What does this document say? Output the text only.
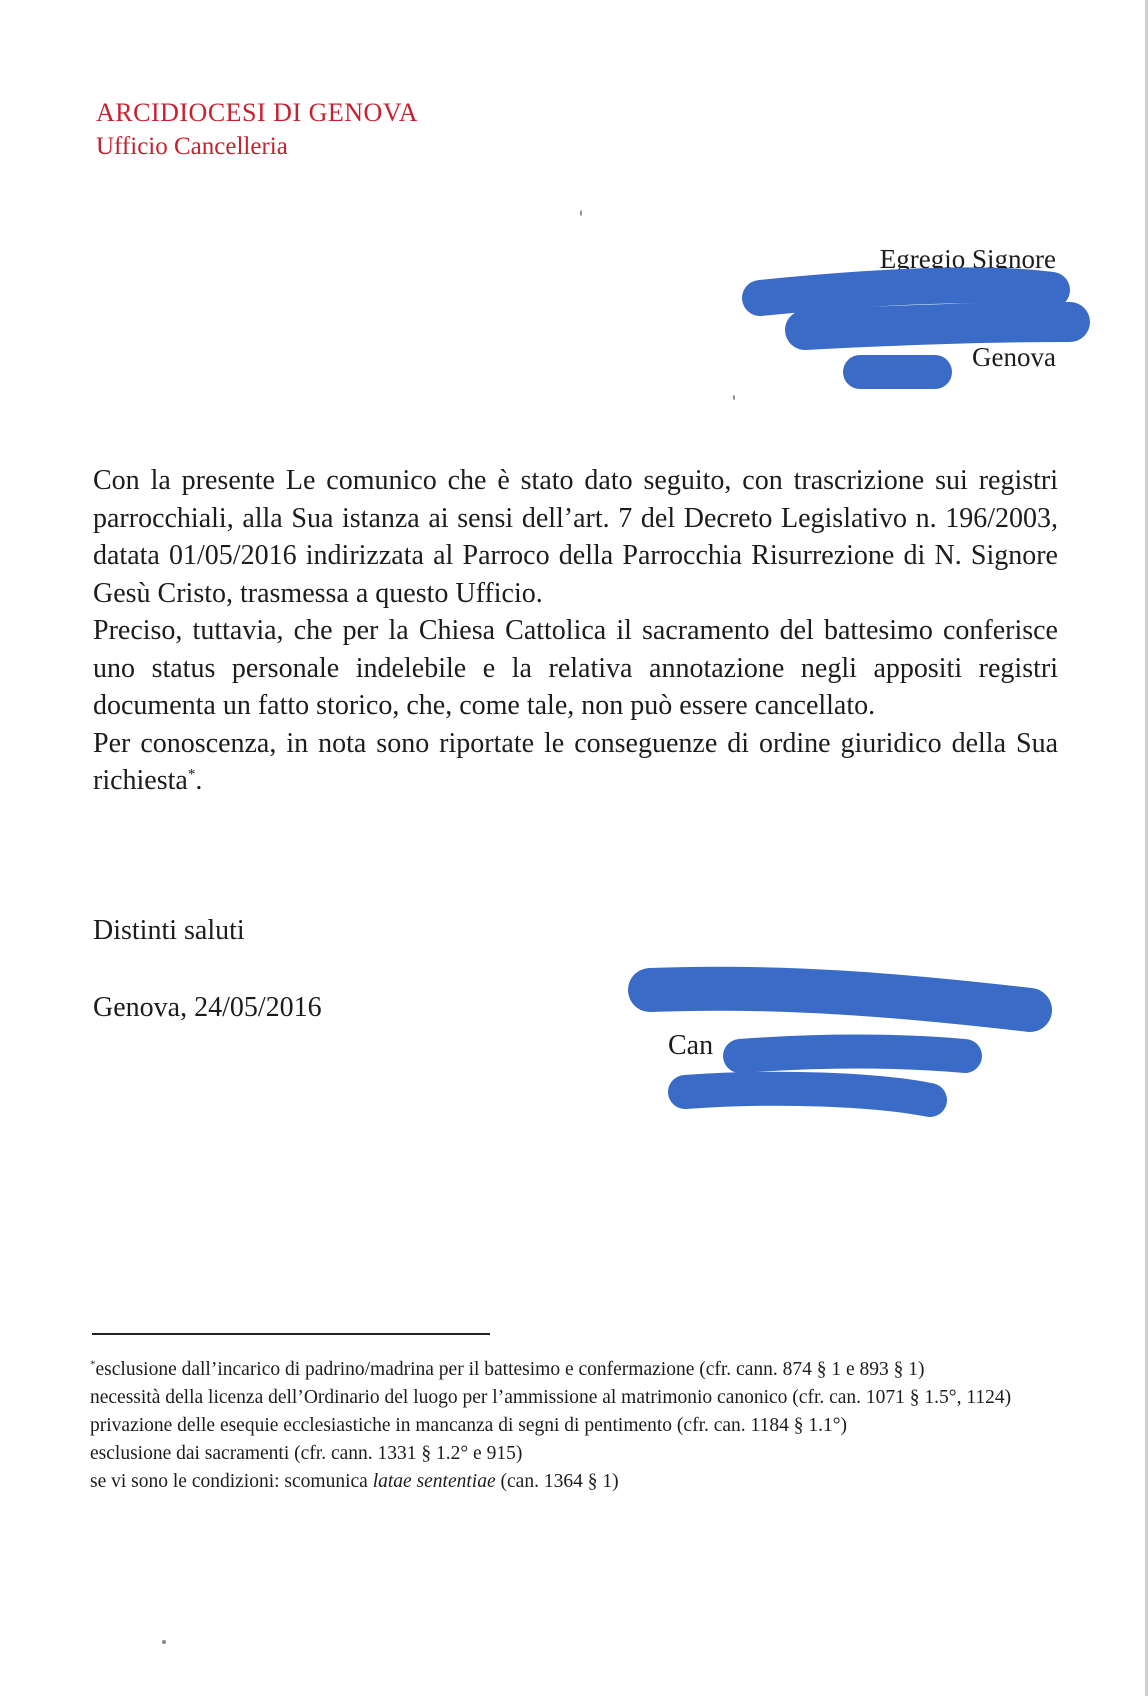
ARCIDIOCESI DI GENOVA
Ufficio Cancelleria
Egregio Signore
Genova

Con la presente Le comunico che è stato dato seguito, con trascrizione sui registri parrocchiali, alla Sua istanza ai sensi dell’art. 7 del Decreto Legislativo n. 196/2003, datata 01/05/2016 indirizzata al Parroco della Parrocchia Risurrezione di N. Signore Gesù Cristo, trasmessa a questo Ufficio.

Preciso, tuttavia, che per la Chiesa Cattolica il sacramento del battesimo conferisce uno status personale indelebile e la relativa annotazione negli appositi registri documenta un fatto storico, che, come tale, non può essere cancellato.

Per conoscenza, in nota sono riportate le conseguenze di ordine giuridico della Sua richiesta*.

Distinti saluti
Genova, 24/05/2016
Can

*esclusione dall’incarico di padrino/madrina per il battesimo e confermazione (cfr. cann. 874 § 1 e 893 § 1)

necessità della licenza dell’Ordinario del luogo per l’ammissione al matrimonio canonico (cfr. can. 1071 § 1.5°, 1124)

privazione delle esequie ecclesiastiche in mancanza di segni di pentimento (cfr. can. 1184 § 1.1°)

esclusione dai sacramenti (cfr. cann. 1331 § 1.2° e 915)

se vi sono le condizioni: scomunica latae sententiae (can. 1364 § 1)
